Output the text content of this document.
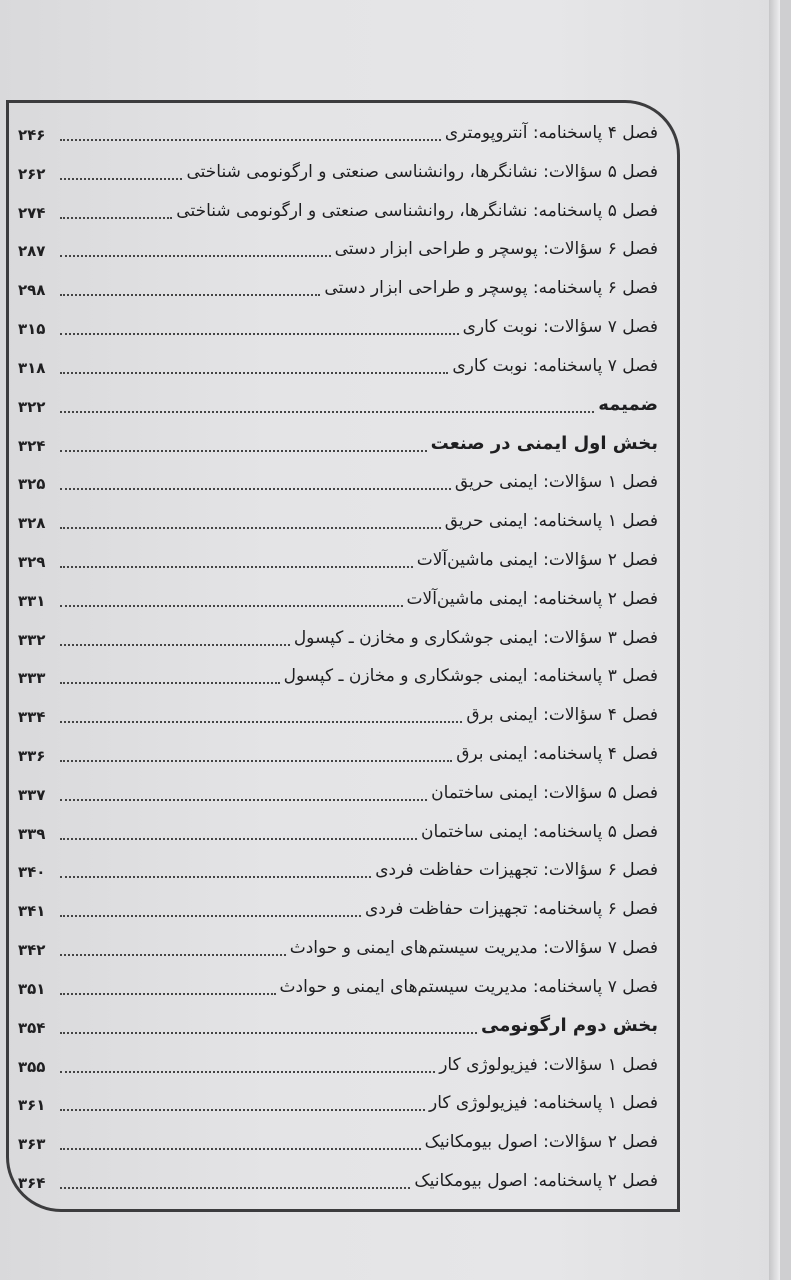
فصل ۴ پاسخنامه: آنتروپومتری
۲۴۶
فصل ۵ سؤالات: نشانگرها، روانشناسی صنعتی و ارگونومی شناختی
۲۶۲
فصل ۵ پاسخنامه: نشانگرها، روانشناسی صنعتی و ارگونومی شناختی
۲۷۴
فصل ۶ سؤالات: پوسچر و طراحی ابزار دستی
۲۸۷
فصل ۶ پاسخنامه: پوسچر و طراحی ابزار دستی
۲۹۸
فصل ۷ سؤالات: نوبت کاری
۳۱۵
فصل ۷ پاسخنامه: نوبت کاری
۳۱۸
ضمیمه
۳۲۲
بخش اول ایمنی در صنعت
۳۲۴
فصل ۱ سؤالات: ایمنی حریق
۳۲۵
فصل ۱ پاسخنامه: ایمنی حریق
۳۲۸
فصل ۲ سؤالات: ایمنی ماشین‌آلات
۳۲۹
فصل ۲ پاسخنامه: ایمنی ماشین‌آلات
۳۳۱
فصل ۳ سؤالات: ایمنی جوشکاری و مخازن ـ کپسول
۳۳۲
فصل ۳ پاسخنامه: ایمنی جوشکاری و مخازن ـ کپسول
۳۳۳
فصل ۴ سؤالات: ایمنی برق
۳۳۴
فصل ۴ پاسخنامه: ایمنی برق
۳۳۶
فصل ۵ سؤالات: ایمنی ساختمان
۳۳۷
فصل ۵ پاسخنامه: ایمنی ساختمان
۳۳۹
فصل ۶ سؤالات: تجهیزات حفاظت فردی
۳۴۰
فصل ۶ پاسخنامه: تجهیزات حفاظت فردی
۳۴۱
فصل ۷ سؤالات: مدیریت سیستم‌های ایمنی و حوادث
۳۴۲
فصل ۷ پاسخنامه: مدیریت سیستم‌های ایمنی و حوادث
۳۵۱
بخش دوم ارگونومی
۳۵۴
فصل ۱ سؤالات: فیزیولوژی کار
۳۵۵
فصل ۱ پاسخنامه: فیزیولوژی کار
۳۶۱
فصل ۲ سؤالات: اصول بیومکانیک
۳۶۳
فصل ۲ پاسخنامه: اصول بیومکانیک
۳۶۴
